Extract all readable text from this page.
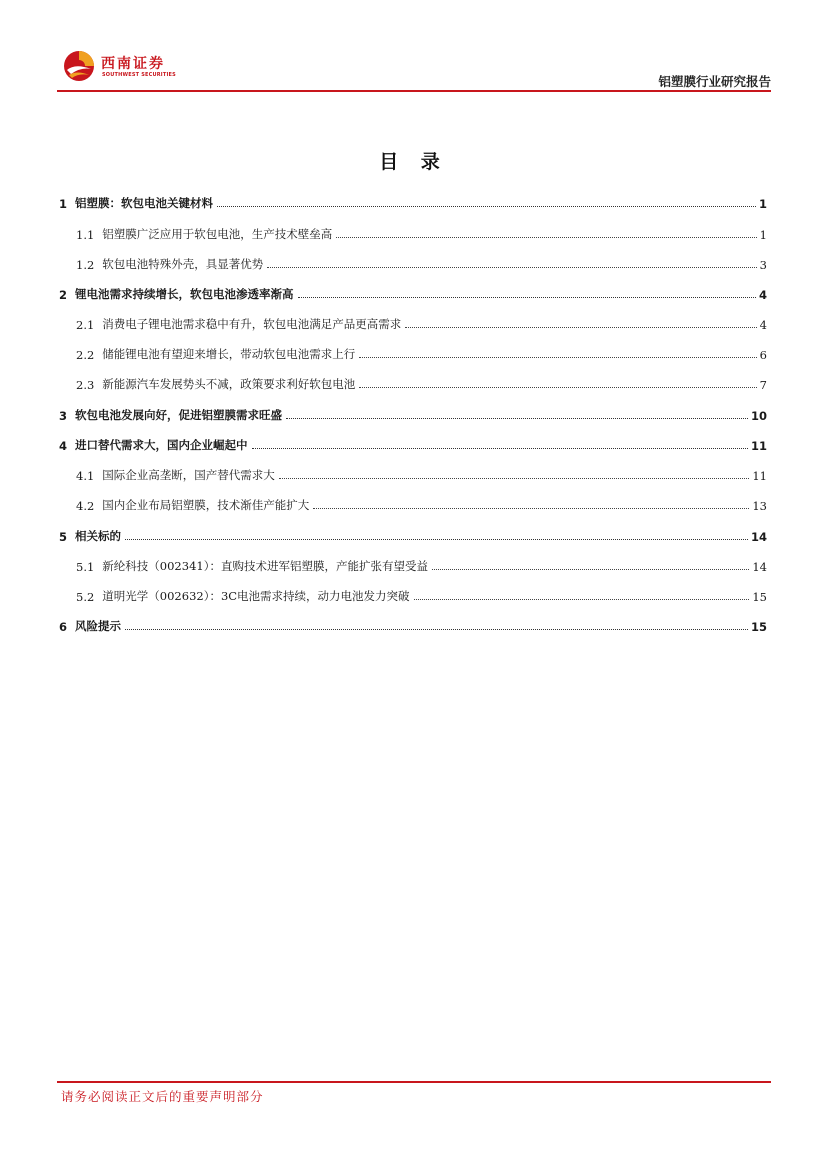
西南证券
SOUTHWEST SECURITIES	铝塑膜行业研究报告
目 录
1 铝塑膜：软包电池关键材料	1
1.1 铝塑膜广泛应用于软包电池，生产技术壁垒高	1
1.2 软包电池特殊外壳，具显著优势	3
2 锂电池需求持续增长，软包电池渗透率渐高	4
2.1 消费电子锂电池需求稳中有升，软包电池满足产品更高需求	4
2.2 储能锂电池有望迎来增长，带动软包电池需求上行	6
2.3 新能源汽车发展势头不减，政策要求利好软包电池	7
3 软包电池发展向好，促进铝塑膜需求旺盛	10
4 进口替代需求大，国内企业崛起中	11
4.1 国际企业高垄断，国产替代需求大	11
4.2 国内企业布局铝塑膜，技术渐佳产能扩大	13
5 相关标的	14
5.1 新纶科技（002341）：直购技术进军铝塑膜，产能扩张有望受益	14
5.2 道明光学（002632）：3C电池需求持续，动力电池发力突破	15
6 风险提示	15
请务必阅读正文后的重要声明部分
